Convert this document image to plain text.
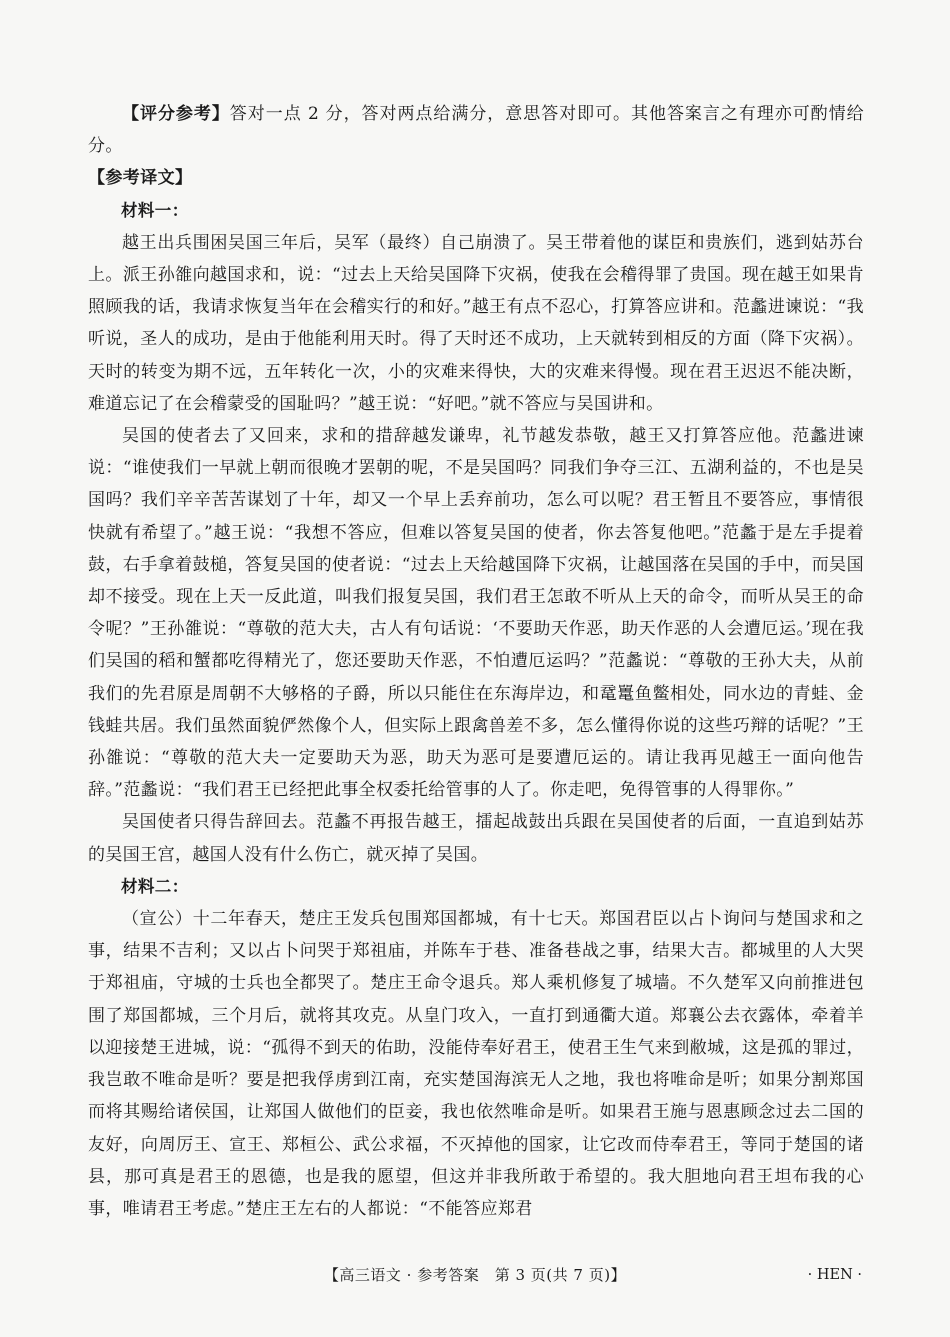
【评分参考】答对一点 2 分，答对两点给满分，意思答对即可。其他答案言之有理亦可酌情给分。

【参考译文】
材料一：

越王出兵围困吴国三年后，吴军（最终）自己崩溃了。吴王带着他的谋臣和贵族们，逃到姑苏台上。派王孙雒向越国求和，说：“过去上天给吴国降下灾祸，使我在会稽得罪了贵国。现在越王如果肯照顾我的话，我请求恢复当年在会稽实行的和好。”越王有点不忍心，打算答应讲和。范蠡进谏说：“我听说，圣人的成功，是由于他能利用天时。得了天时还不成功，上天就转到相反的方面（降下灾祸）。天时的转变为期不远，五年转化一次，小的灾难来得快，大的灾难来得慢。现在君王迟迟不能决断，难道忘记了在会稽蒙受的国耻吗？”越王说：“好吧。”就不答应与吴国讲和。

吴国的使者去了又回来，求和的措辞越发谦卑，礼节越发恭敬，越王又打算答应他。范蠡进谏说：“谁使我们一早就上朝而很晚才罢朝的呢，不是吴国吗？同我们争夺三江、五湖利益的，不也是吴国吗？我们辛辛苦苦谋划了十年，却又一个早上丢弃前功，怎么可以呢？君王暂且不要答应，事情很快就有希望了。”越王说：“我想不答应，但难以答复吴国的使者，你去答复他吧。”范蠡于是左手提着鼓，右手拿着鼓槌，答复吴国的使者说：“过去上天给越国降下灾祸，让越国落在吴国的手中，而吴国却不接受。现在上天一反此道，叫我们报复吴国，我们君王怎敢不听从上天的命令，而听从吴王的命令呢？”王孙雒说：“尊敬的范大夫，古人有句话说：‘不要助天作恶，助天作恶的人会遭厄运。’现在我们吴国的稻和蟹都吃得精光了，您还要助天作恶，不怕遭厄运吗？”范蠡说：“尊敬的王孙大夫，从前我们的先君原是周朝不大够格的子爵，所以只能住在东海岸边，和鼋鼍鱼鳖相处，同水边的青蛙、金钱蛙共居。我们虽然面貌俨然像个人，但实际上跟禽兽差不多，怎么懂得你说的这些巧辩的话呢？”王孙雒说：“尊敬的范大夫一定要助天为恶，助天为恶可是要遭厄运的。请让我再见越王一面向他告辞。”范蠡说：“我们君王已经把此事全权委托给管事的人了。你走吧，免得管事的人得罪你。”

吴国使者只得告辞回去。范蠡不再报告越王，擂起战鼓出兵跟在吴国使者的后面，一直追到姑苏的吴国王宫，越国人没有什么伤亡，就灭掉了吴国。

材料二：

（宣公）十二年春天，楚庄王发兵包围郑国都城，有十七天。郑国君臣以占卜询问与楚国求和之事，结果不吉利；又以占卜问哭于郑祖庙，并陈车于巷、准备巷战之事，结果大吉。都城里的人大哭于郑祖庙，守城的士兵也全都哭了。楚庄王命令退兵。郑人乘机修复了城墙。不久楚军又向前推进包围了郑国都城，三个月后，就将其攻克。从皇门攻入，一直打到通衢大道。郑襄公去衣露体，牵着羊以迎接楚王进城，说：“孤得不到天的佑助，没能侍奉好君王，使君王生气来到敝城，这是孤的罪过，我岂敢不唯命是听？要是把我俘虏到江南，充实楚国海滨无人之地，我也将唯命是听；如果分割郑国而将其赐给诸侯国，让郑国人做他们的臣妾，我也依然唯命是听。如果君王施与恩惠顾念过去二国的友好，向周厉王、宣王、郑桓公、武公求福，不灭掉他的国家，让它改而侍奉君王，等同于楚国的诸县，那可真是君王的恩德，也是我的愿望，但这并非我所敢于希望的。我大胆地向君王坦布我的心事，唯请君王考虑。”楚庄王左右的人都说：“不能答应郑君

【高三语文 · 参考答案　第 3 页(共 7 页)】	· HEN ·
